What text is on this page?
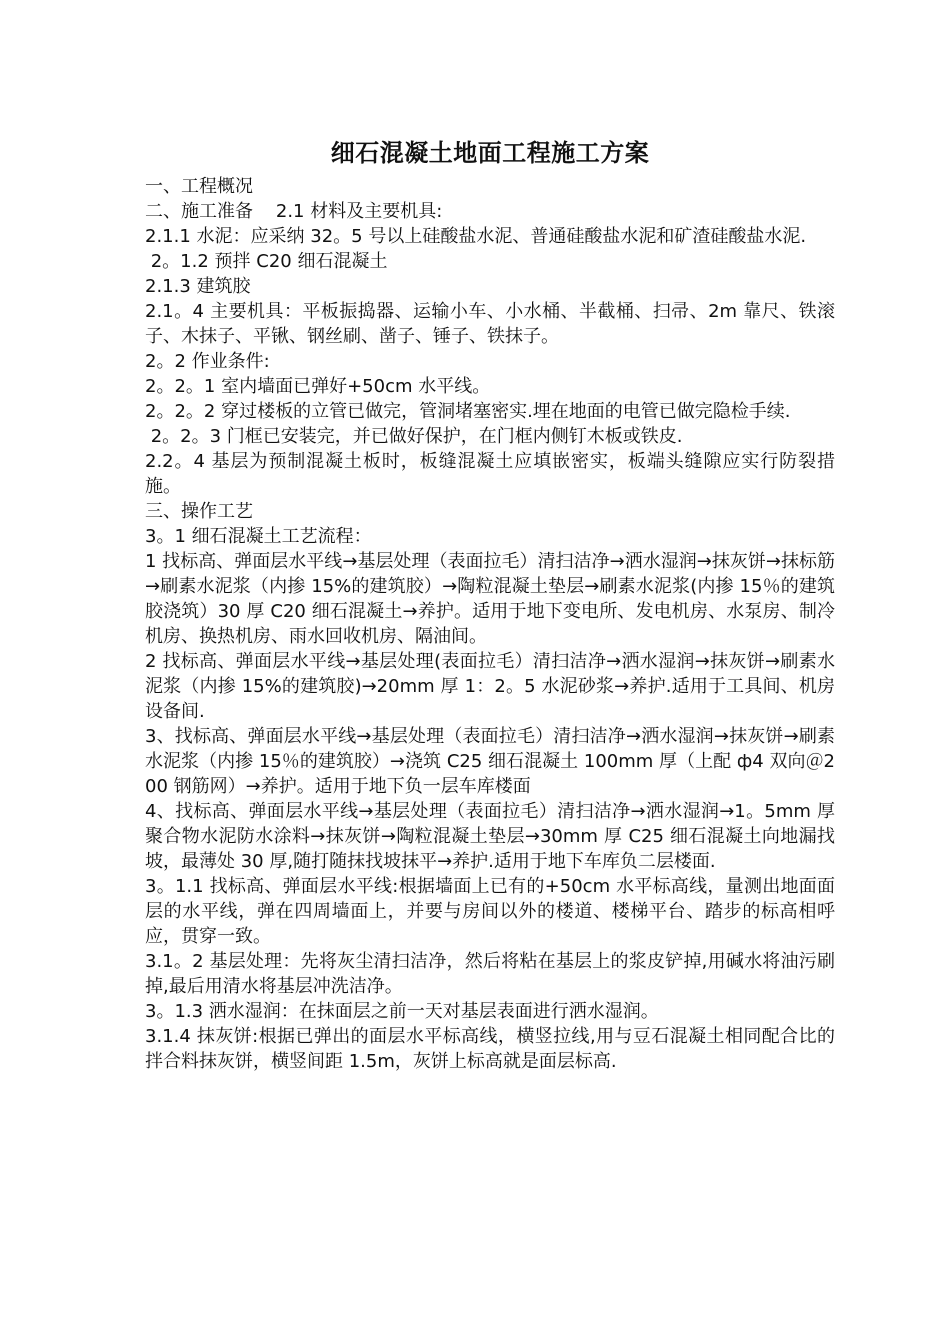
细石混凝土地面工程施工方案

一、工程概况

二、施工准备    2.1 材料及主要机具:

2.1.1 水泥：应采纳 32。5 号以上硅酸盐水泥、普通硅酸盐水泥和矿渣硅酸盐水泥.

2。1.2 预拌 C20 细石混凝土

2.1.3 建筑胶

2.1。4 主要机具：平板振捣器、运输小车、小水桶、半截桶、扫帚、2m 靠尺、铁滚子、木抹子、平锹、钢丝刷、凿子、锤子、铁抹子。

2。2 作业条件:

2。2。1 室内墙面已弹好+50cm 水平线。

2。2。2 穿过楼板的立管已做完，管洞堵塞密实.埋在地面的电管已做完隐检手续.

2。2。3 门框已安装完，并已做好保护，在门框内侧钉木板或铁皮.

2.2。4 基层为预制混凝土板时，板缝混凝土应填嵌密实，板端头缝隙应实行防裂措施。

三、操作工艺

3。1 细石混凝土工艺流程：

1 找标高、弹面层水平线→基层处理（表面拉毛）清扫洁净→洒水湿润→抹灰饼→抹标筋→刷素水泥浆（内掺 15%的建筑胶）→陶粒混凝土垫层→刷素水泥浆(内掺 15％的建筑胶浇筑）30 厚 C20 细石混凝土→养护。适用于地下变电所、发电机房、水泵房、制冷机房、换热机房、雨水回收机房、隔油间。

2 找标高、弹面层水平线→基层处理(表面拉毛）清扫洁净→洒水湿润→抹灰饼→刷素水泥浆（内掺 15%的建筑胶)→20mm 厚 1：2。5 水泥砂浆→养护.适用于工具间、机房设备间.

3、找标高、弹面层水平线→基层处理（表面拉毛）清扫洁净→洒水湿润→抹灰饼→刷素水泥浆（内掺 15％的建筑胶）→浇筑 C25 细石混凝土 100mm 厚（上配 ф4 双向＠200 钢筋网）→养护。适用于地下负一层车库楼面

4、找标高、弹面层水平线→基层处理（表面拉毛）清扫洁净→洒水湿润→1。5mm 厚聚合物水泥防水涂料→抹灰饼→陶粒混凝土垫层→30mm 厚 C25 细石混凝土向地漏找坡，最薄处 30 厚,随打随抹找坡抹平→养护.适用于地下车库负二层楼面.

3。1.1 找标高、弹面层水平线:根据墙面上已有的+50cm 水平标高线，量测出地面面层的水平线，弹在四周墙面上，并要与房间以外的楼道、楼梯平台、踏步的标高相呼应，贯穿一致。

3.1。2 基层处理：先将灰尘清扫洁净，然后将粘在基层上的浆皮铲掉,用碱水将油污刷掉,最后用清水将基层冲洗洁净。

3。1.3 洒水湿润：在抹面层之前一天对基层表面进行洒水湿润。

3.1.4 抹灰饼:根据已弹出的面层水平标高线，横竖拉线,用与豆石混凝土相同配合比的拌合料抹灰饼，横竖间距 1.5m，灰饼上标高就是面层标高.
